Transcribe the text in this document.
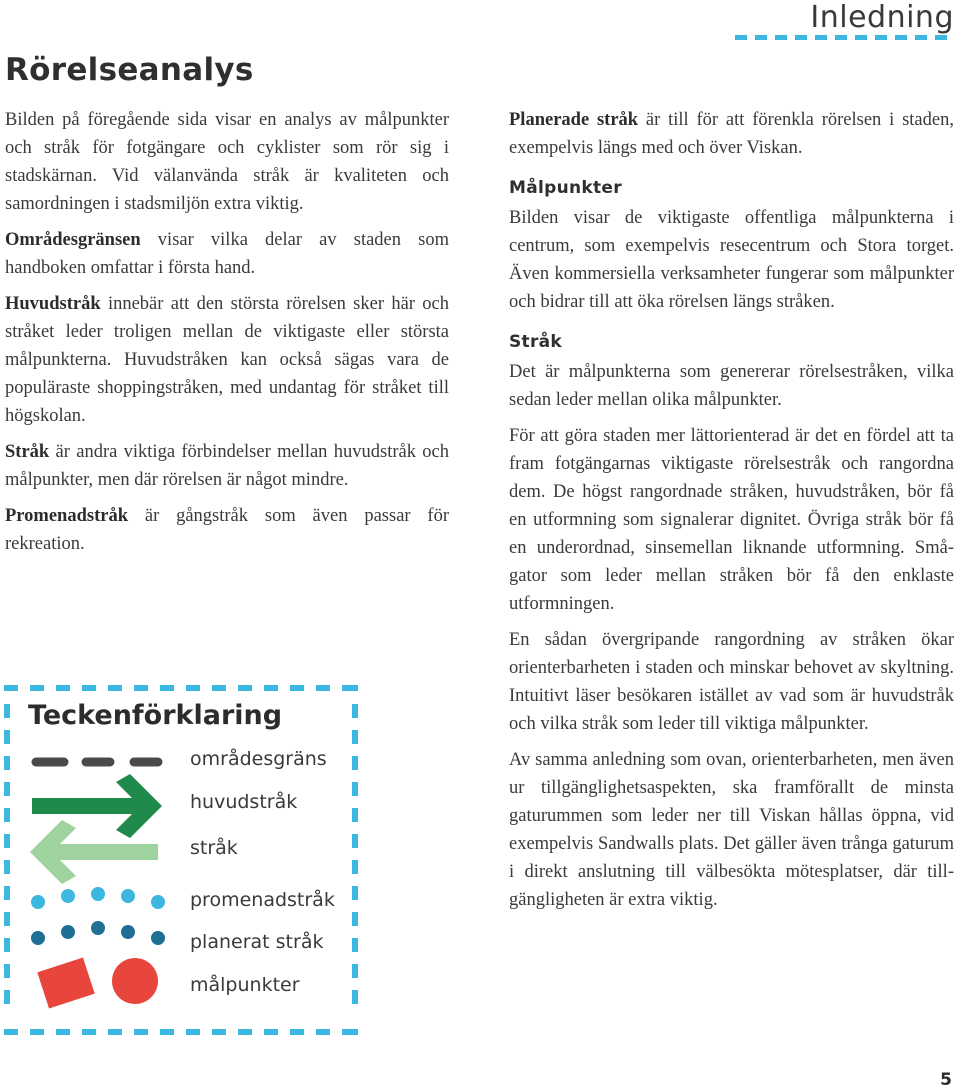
Inledning
Rörelseanalys

Bilden på föregående sida visar en analys av målpunkter och stråk för fotgängare och cyklister som rör sig i stadskärnan. Vid välanvända stråk är kvaliteten och samordningen i stadsmiljön extra viktig.

Områdesgränsen visar vilka delar av staden som handboken omfattar i första hand.

Huvudstråk innebär att den största rörelsen sker här och stråket leder troligen mellan de viktigaste eller största målpunkterna. Huvudstråken kan också sägas vara de populäraste shoppingstråken, med undantag för stråket till högskolan.

Stråk är andra viktiga förbindelser mellan huvudstråk och målpunkter, men där rörelsen är något mindre.

Promenadstråk är gångstråk som även passar för rekreation.

Planerade stråk är till för att förenkla rörelsen i staden, exempelvis längs med och över Viskan.

Målpunkter

Bilden visar de viktigaste offentliga målpunkterna i centrum, som exempelvis resecentrum och Stora torget. Även kommersiella verksamheter fungerar som målpunkter och bidrar till att öka rörelsen längs stråken.

Stråk

Det är målpunkterna som genererar rörelsestråken, vilka sedan leder mellan olika målpunkter.

För att göra staden mer lättorienterad är det en fördel att ta fram fotgängarnas viktigaste rörelsestråk och rangordna dem. De högst rangordnade stråken, huvudstråken, bör få en utformning som signalerar dignitet. Övriga stråk bör få en underordnad, sinsemellan liknande utformning. Smågator som leder mellan stråken bör få den enklaste utformningen.

En sådan övergripande rangordning av stråken ökar orienterbarheten i staden och minskar behovet av skyltning. Intuitivt läser besökaren istället av vad som är huvudstråk och vilka stråk som leder till viktiga målpunkter.

Av samma anledning som ovan, orienterbarheten, men även ur tillgänglighetsaspekten, ska framförallt de minsta gaturummen som leder ner till Viskan hållas öppna, vid exempelvis Sandwalls plats. Det gäller även trånga gaturum i direkt anslutning till välbesökta mötesplatser, där tillgängligheten är extra viktig.

Teckenförklaring
områdesgräns
huvudstråk
stråk
promenadstråk
planerat stråk
målpunkter
5
